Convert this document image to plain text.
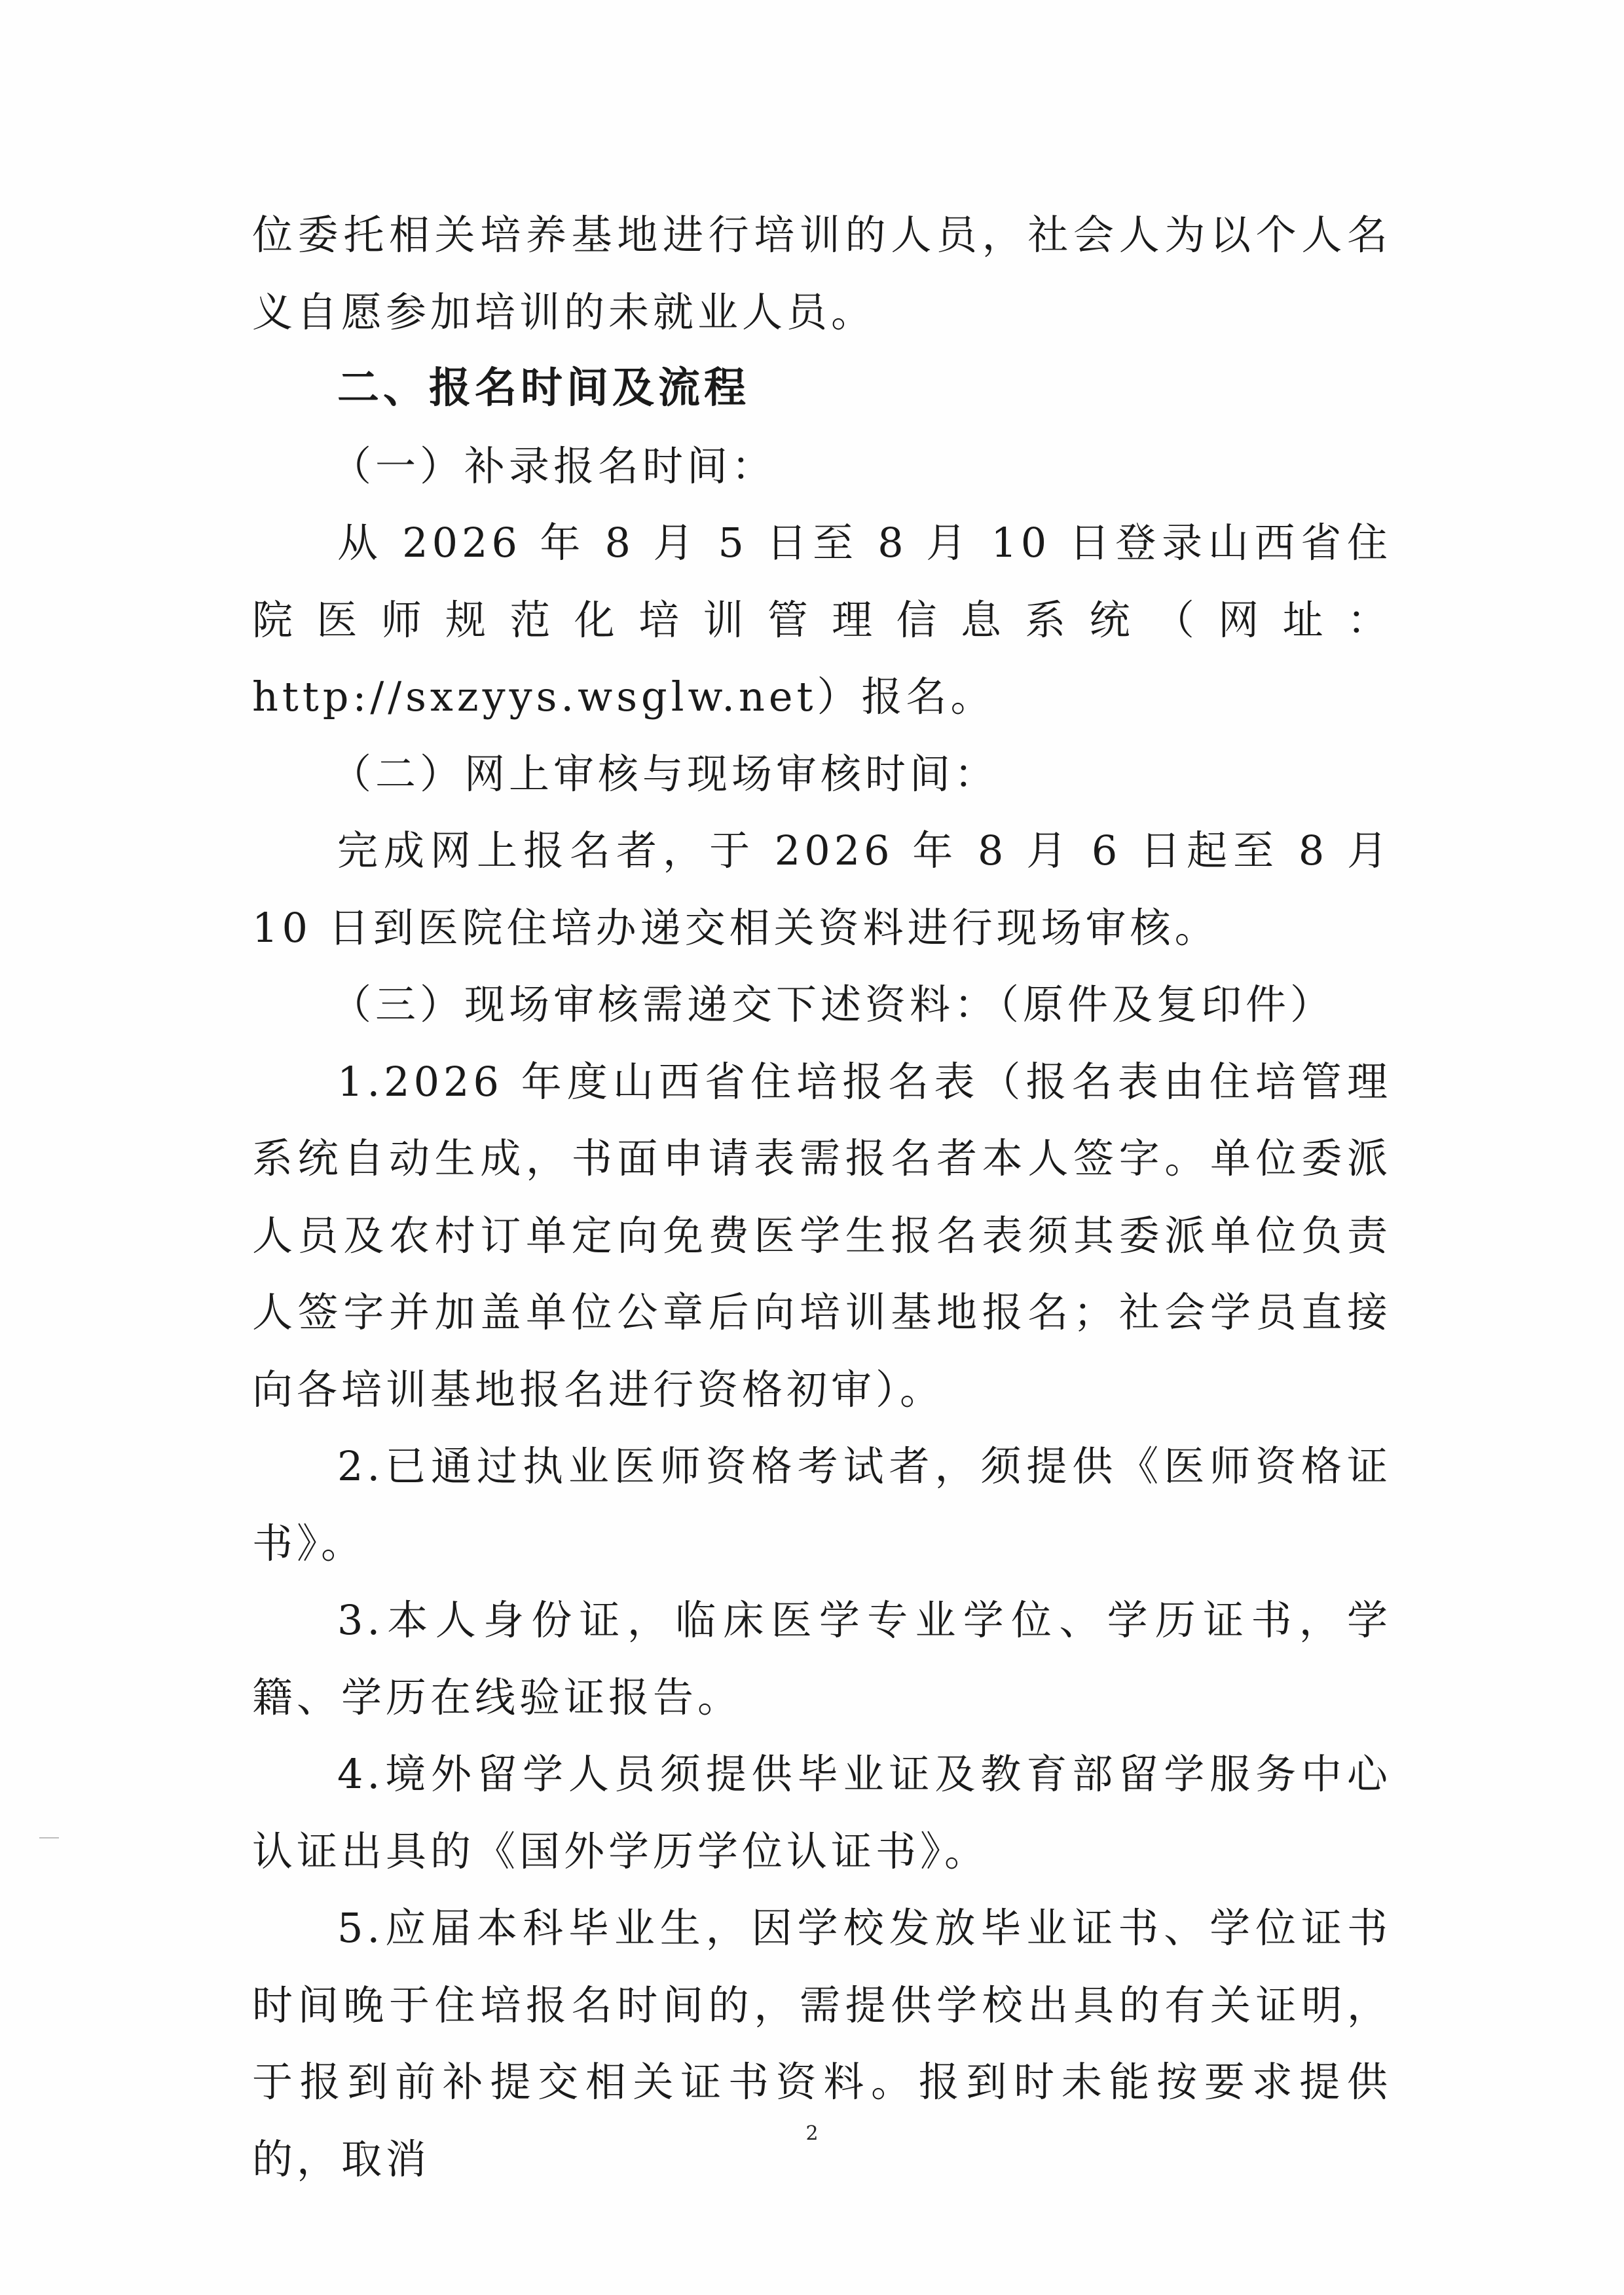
位委托相关培养基地进行培训的人员，社会人为以个人名义自愿参加培训的未就业人员。

二、报名时间及流程

（一）补录报名时间：

从 2026 年 8 月 5 日至 8 月 10 日登录山西省住院医师规范化培训管理信息系统（网址：http://sxzyys.wsglw.net）报名。

（二）网上审核与现场审核时间：

完成网上报名者，于 2026 年 8 月 6 日起至 8 月 10 日到医院住培办递交相关资料进行现场审核。

（三）现场审核需递交下述资料：（原件及复印件）

1.2026 年度山西省住培报名表（报名表由住培管理系统自动生成，书面申请表需报名者本人签字。单位委派人员及农村订单定向免费医学生报名表须其委派单位负责人签字并加盖单位公章后向培训基地报名；社会学员直接向各培训基地报名进行资格初审）。

2.已通过执业医师资格考试者，须提供《医师资格证书》。

3.本人身份证，临床医学专业学位、学历证书，学籍、学历在线验证报告。

4.境外留学人员须提供毕业证及教育部留学服务中心认证出具的《国外学历学位认证书》。

5.应届本科毕业生，因学校发放毕业证书、学位证书时间晚于住培报名时间的，需提供学校出具的有关证明，于报到前补提交相关证书资料。报到时未能按要求提供的，取消

2
